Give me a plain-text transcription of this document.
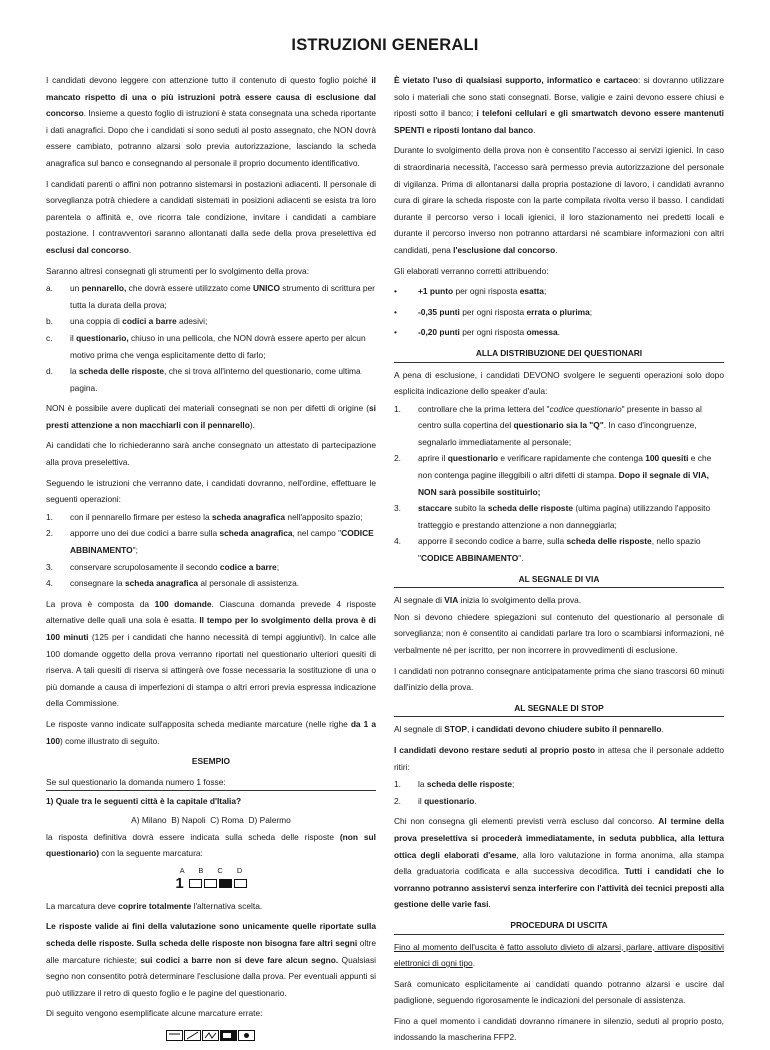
ISTRUZIONI GENERALI

I candidati devono leggere con attenzione tutto il contenuto di questo foglio poiché il mancato rispetto di una o più istruzioni potrà essere causa di esclusione dal concorso. Insieme a questo foglio di istruzioni è stata consegnata una scheda riportante i dati anagrafici. Dopo che i candidati si sono seduti al posto assegnato, che NON dovrà essere cambiato, potranno alzarsi solo previa autorizzazione, lasciando la scheda anagrafica sul banco e consegnando al personale il proprio documento identificativo.

I candidati parenti o affini non potranno sistemarsi in postazioni adiacenti. Il personale di sorveglianza potrà chiedere a candidati sistemati in posizioni adiacenti se esista tra loro parentela o affinità e, ove ricorra tale condizione, invitare i candidati a cambiare postazione. I contravventori saranno allontanati dalla sede della prova preselettiva ed esclusi dal concorso.

Saranno altresì consegnati gli strumenti per lo svolgimento della prova:

a.	un pennarello, che dovrà essere utilizzato come UNICO strumento di scrittura per tutta la durata della prova;
b.	una coppia di codici a barre adesivi;
c.	il questionario, chiuso in una pellicola, che NON dovrà essere aperto per alcun motivo prima che venga esplicitamente detto di farlo;
d.	la scheda delle risposte, che si trova all'interno del questionario, come ultima pagina.

NON è possibile avere duplicati dei materiali consegnati se non per difetti di origine (si presti attenzione a non macchiarli con il pennarello).

Ai candidati che lo richiederanno sarà anche consegnato un attestato di partecipazione alla prova preselettiva.

Seguendo le istruzioni che verranno date, i candidati dovranno, nell'ordine, effettuare le seguenti operazioni:

1.	con il pennarello firmare per esteso la scheda anagrafica nell'apposito spazio;
2.	apporre uno dei due codici a barre sulla scheda anagrafica, nel campo "CODICE ABBINAMENTO";
3.	conservare scrupolosamente il secondo codice a barre;
4.	consegnare la scheda anagrafica al personale di assistenza.

La prova è composta da 100 domande. Ciascuna domanda prevede 4 risposte alternative delle quali una sola è esatta. Il tempo per lo svolgimento della prova è di 100 minuti (125 per i candidati che hanno necessità di tempi aggiuntivi). In calce alle 100 domande oggetto della prova verranno riportati nel questionario ulteriori quesiti di riserva. A tali quesiti di riserva si attingerà ove fosse necessaria la sostituzione di una o più domande a causa di imperfezioni di stampa o altri errori previa espressa indicazione della Commissione.

Le risposte vanno indicate sull'apposita scheda mediante marcature (nelle righe da 1 a 100) come illustrato di seguito.

ESEMPIO

Se sul questionario la domanda numero 1 fosse:

1) Quale tra le seguenti città è la capitale d'Italia?
A) Milano  B) Napoli  C) Roma  D) Palermo

la risposta definitiva dovrà essere indicata sulla scheda delle risposte (non sul questionario) con la seguente marcatura:

A B C D
1

La marcatura deve coprire totalmente l'alternativa scelta.

Le risposte valide ai fini della valutazione sono unicamente quelle riportate sulla scheda delle risposte. Sulla scheda delle risposte non bisogna fare altri segni oltre alle marcature richieste; sui codici a barre non si deve fare alcun segno. Qualsiasi segno non consentito potrà determinare l'esclusione dalla prova. Per eventuali appunti si può utilizzare il retro di questo foglio e le pagine del questionario.

Di seguito vengono esemplificate alcune marcature errate:

È vietato l'uso di qualsiasi supporto, informatico e cartaceo: si dovranno utilizzare solo i materiali che sono stati consegnati. Borse, valigie e zaini devono essere chiusi e riposti sotto il banco; i telefoni cellulari e gli smartwatch devono essere mantenuti SPENTI e riposti lontano dal banco.

Durante lo svolgimento della prova non è consentito l'accesso ai servizi igienici. In caso di straordinaria necessità, l'accesso sarà permesso previa autorizzazione del personale di vigilanza. Prima di allontanarsi dalla propria postazione di lavoro, i candidati avranno cura di girare la scheda risposte con la parte compilata rivolta verso il basso. I candidati durante il percorso verso i locali igienici, il loro stazionamento nei predetti locali e durante il percorso inverso non potranno attardarsi né scambiare informazioni con altri candidati, pena l'esclusione dal concorso.

Gli elaborati verranno corretti attribuendo:

•	+1 punto per ogni risposta esatta;
•	-0,35 punti per ogni risposta errata o plurima;
•	-0,20 punti per ogni risposta omessa.
ALLA DISTRIBUZIONE DEI QUESTIONARI

A pena di esclusione, i candidati DEVONO svolgere le seguenti operazioni solo dopo esplicita indicazione dello speaker d'aula:

1.	controllare che la prima lettera del "codice questionario" presente in basso al centro sulla copertina del questionario sia la "Q". In caso d'incongruenze, segnalarlo immediatamente al personale;
2.	aprire il questionario e verificare rapidamente che contenga 100 quesiti e che non contenga pagine illeggibili o altri difetti di stampa. Dopo il segnale di VIA, NON sarà possibile sostituirlo;
3.	staccare subito la scheda delle risposte (ultima pagina) utilizzando l'apposito tratteggio e prestando attenzione a non danneggiarla;
4.	apporre il secondo codice a barre, sulla scheda delle risposte, nello spazio "CODICE ABBINAMENTO".
AL SEGNALE DI VIA

Al segnale di VIA inizia lo svolgimento della prova.

Non si devono chiedere spiegazioni sul contenuto del questionario al personale di sorveglianza; non è consentito ai candidati parlare tra loro o scambiarsi informazioni, né verbalmente né per iscritto, per non incorrere in provvedimenti di esclusione.

I candidati non potranno consegnare anticipatamente prima che siano trascorsi 60 minuti dall'inizio della prova.

AL SEGNALE DI STOP

Al segnale di STOP, i candidati devono chiudere subito il pennarello.

I candidati devono restare seduti al proprio posto in attesa che il personale addetto ritiri:

1.	la scheda delle risposte;
2.	il questionario.

Chi non consegna gli elementi previsti verrà escluso dal concorso. Al termine della prova preselettiva si procederà immediatamente, in seduta pubblica, alla lettura ottica degli elaborati d'esame, alla loro valutazione in forma anonima, alla stampa della graduatoria codificata e alla successiva decodifica. Tutti i candidati che lo vorranno potranno assistervi senza interferire con l'attività dei tecnici preposti alla gestione delle varie fasi.

PROCEDURA DI USCITA

Fino al momento dell'uscita è fatto assoluto divieto di alzarsi, parlare, attivare dispositivi elettronici di ogni tipo.

Sarà comunicato esplicitamente ai candidati quando potranno alzarsi e uscire dal padiglione, seguendo rigorosamente le indicazioni del personale di assistenza.

Fino a quel momento i candidati dovranno rimanere in silenzio, seduti al proprio posto, indossando la mascherina FFP2.
